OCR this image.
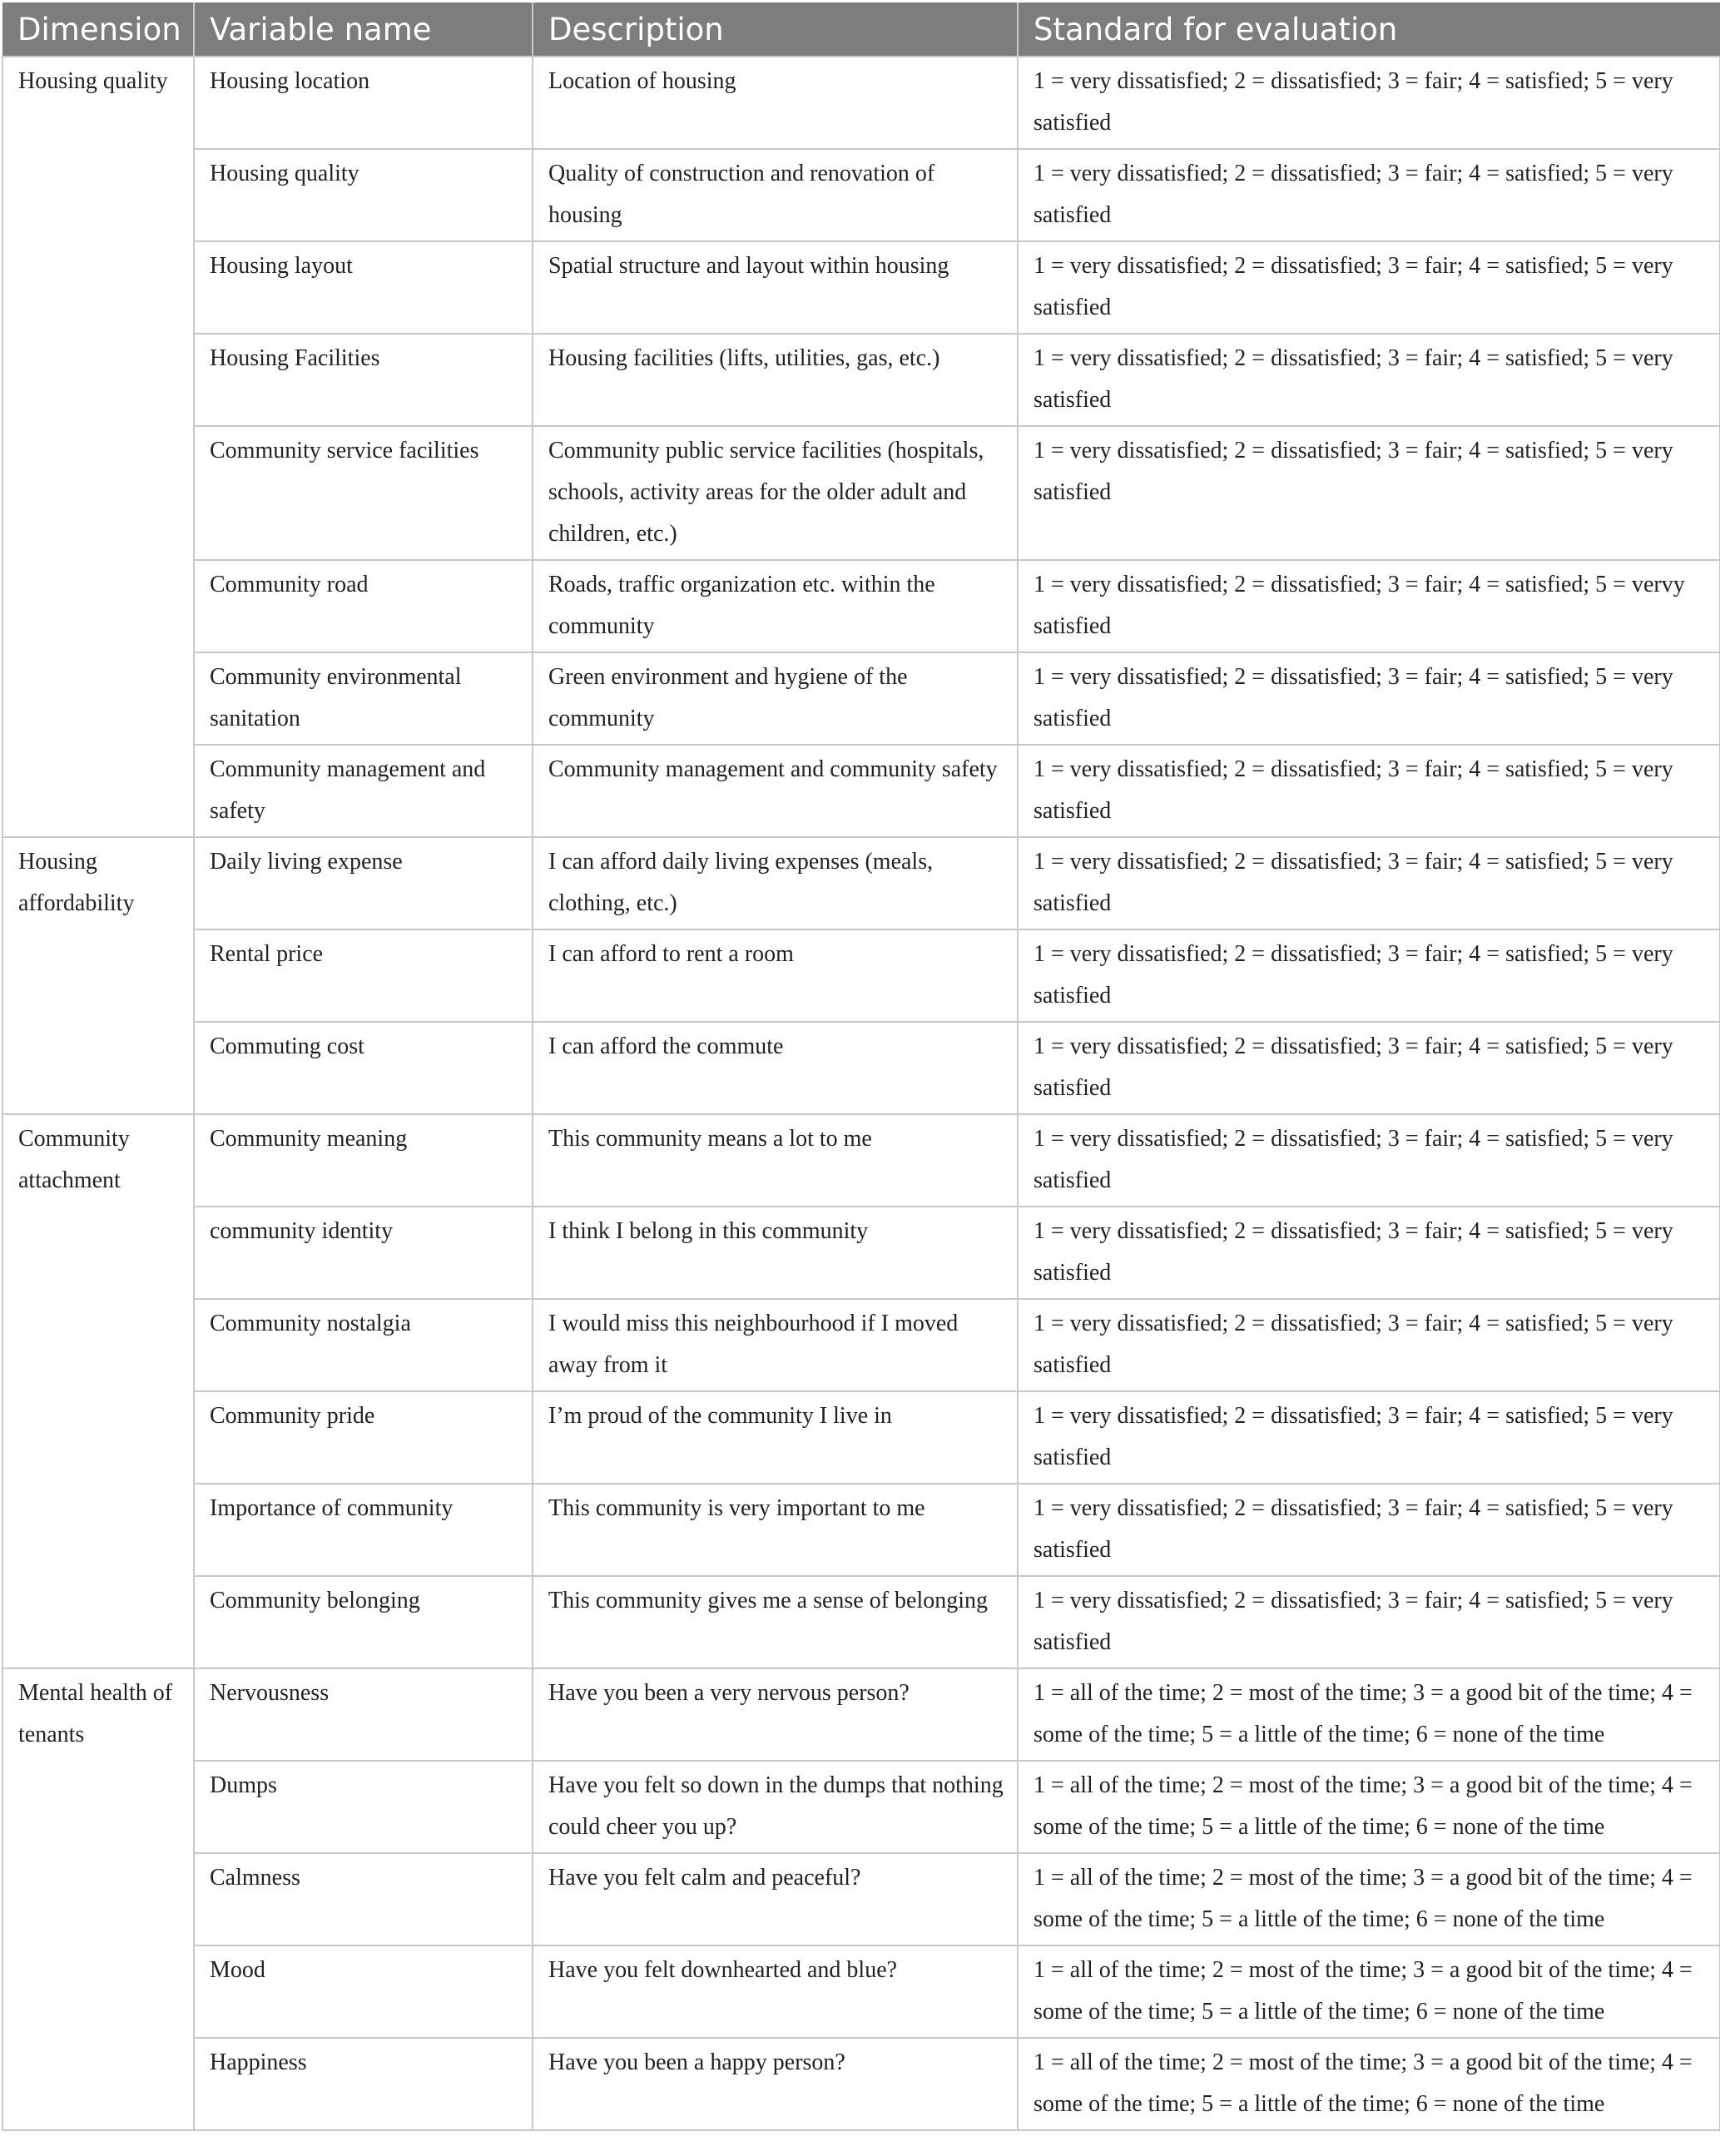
Dimension	Variable name	Description	Standard for evaluation
Housing quality	Housing location	Location of housing	1 = very dissatisfied; 2 = dissatisfied; 3 = fair; 4 = satisfied; 5 = very satisfied
	Housing quality	Quality of construction and renovation of housing	1 = very dissatisfied; 2 = dissatisfied; 3 = fair; 4 = satisfied; 5 = very satisfied
	Housing layout	Spatial structure and layout within housing	1 = very dissatisfied; 2 = dissatisfied; 3 = fair; 4 = satisfied; 5 = very satisfied
	Housing Facilities	Housing facilities (lifts, utilities, gas, etc.)	1 = very dissatisfied; 2 = dissatisfied; 3 = fair; 4 = satisfied; 5 = very satisfied
	Community service facilities	Community public service facilities (hospitals, schools, activity areas for the older adult and children, etc.)	1 = very dissatisfied; 2 = dissatisfied; 3 = fair; 4 = satisfied; 5 = very satisfied
	Community road	Roads, traffic organization etc. within the community	1 = very dissatisfied; 2 = dissatisfied; 3 = fair; 4 = satisfied; 5 = vervy satisfied
	Community environmental sanitation	Green environment and hygiene of the community	1 = very dissatisfied; 2 = dissatisfied; 3 = fair; 4 = satisfied; 5 = very satisfied
	Community management and safety	Community management and community safety	1 = very dissatisfied; 2 = dissatisfied; 3 = fair; 4 = satisfied; 5 = very satisfied
Housing affordability	Daily living expense	I can afford daily living expenses (meals, clothing, etc.)	1 = very dissatisfied; 2 = dissatisfied; 3 = fair; 4 = satisfied; 5 = very satisfied
	Rental price	I can afford to rent a room	1 = very dissatisfied; 2 = dissatisfied; 3 = fair; 4 = satisfied; 5 = very satisfied
	Commuting cost	I can afford the commute	1 = very dissatisfied; 2 = dissatisfied; 3 = fair; 4 = satisfied; 5 = very satisfied
Community attachment	Community meaning	This community means a lot to me	1 = very dissatisfied; 2 = dissatisfied; 3 = fair; 4 = satisfied; 5 = very satisfied
	community identity	I think I belong in this community	1 = very dissatisfied; 2 = dissatisfied; 3 = fair; 4 = satisfied; 5 = very satisfied
	Community nostalgia	I would miss this neighbourhood if I moved away from it	1 = very dissatisfied; 2 = dissatisfied; 3 = fair; 4 = satisfied; 5 = very satisfied
	Community pride	I’m proud of the community I live in	1 = very dissatisfied; 2 = dissatisfied; 3 = fair; 4 = satisfied; 5 = very satisfied
	Importance of community	This community is very important to me	1 = very dissatisfied; 2 = dissatisfied; 3 = fair; 4 = satisfied; 5 = very satisfied
	Community belonging	This community gives me a sense of belonging	1 = very dissatisfied; 2 = dissatisfied; 3 = fair; 4 = satisfied; 5 = very satisfied
Mental health of tenants	Nervousness	Have you been a very nervous person?	1 = all of the time; 2 = most of the time; 3 = a good bit of the time; 4 = some of the time; 5 = a little of the time; 6 = none of the time
	Dumps	Have you felt so down in the dumps that nothing could cheer you up?	1 = all of the time; 2 = most of the time; 3 = a good bit of the time; 4 = some of the time; 5 = a little of the time; 6 = none of the time
	Calmness	Have you felt calm and peaceful?	1 = all of the time; 2 = most of the time; 3 = a good bit of the time; 4 = some of the time; 5 = a little of the time; 6 = none of the time
	Mood	Have you felt downhearted and blue?	1 = all of the time; 2 = most of the time; 3 = a good bit of the time; 4 = some of the time; 5 = a little of the time; 6 = none of the time
	Happiness	Have you been a happy person?	1 = all of the time; 2 = most of the time; 3 = a good bit of the time; 4 = some of the time; 5 = a little of the time; 6 = none of the time
